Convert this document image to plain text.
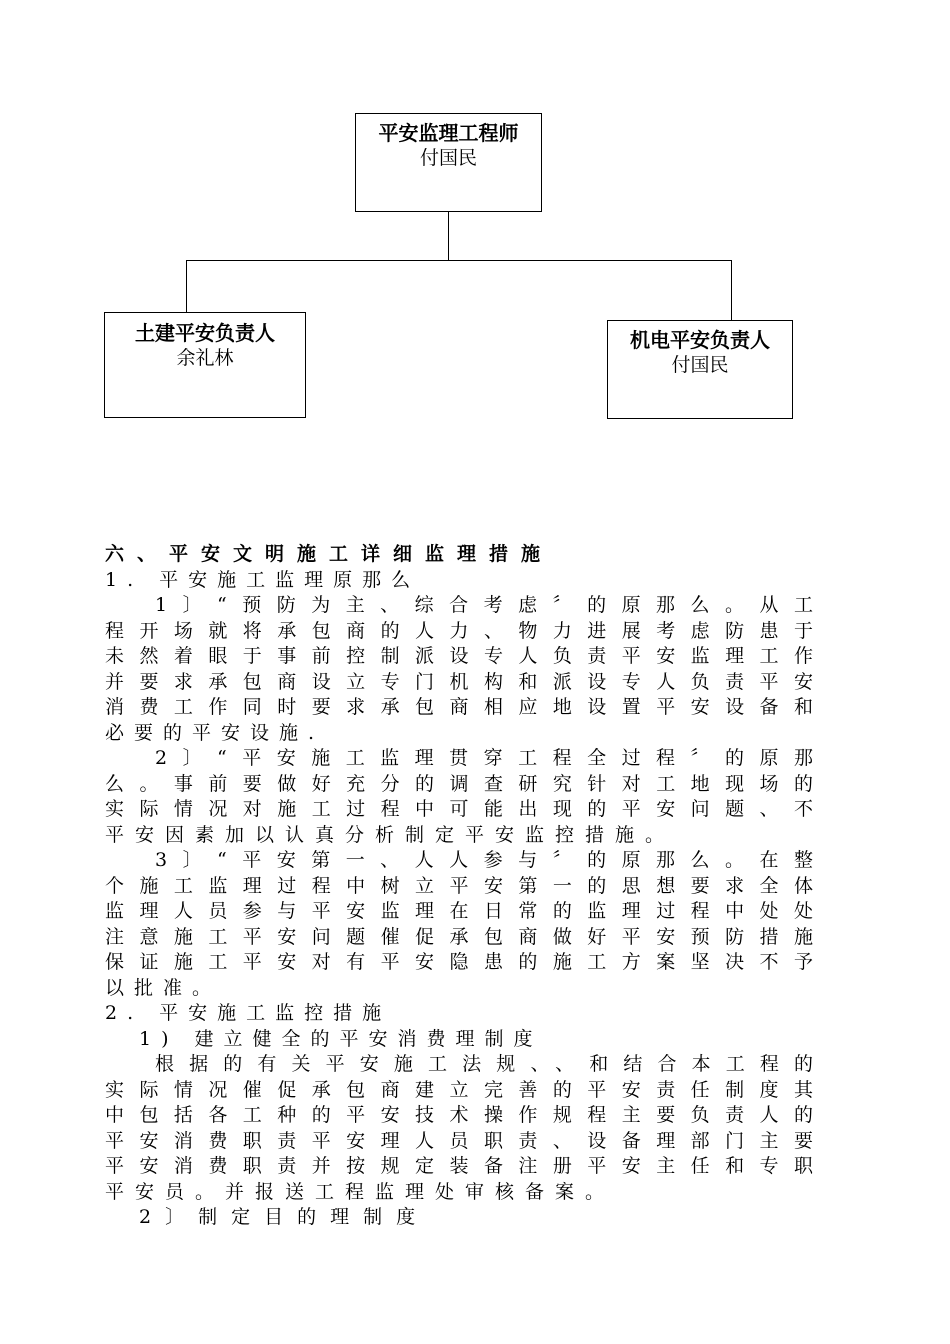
平安监理工程师
付国民
土建平安负责人
余礼林
机电平安负责人
付国民
六、平安文明施工详细监理措施
1. 平安施工监理原那么
1〕“预防为主、综合考虑〞的原那么。从工
程开场就将承包商的人力、物力进展考虑防患于
未然着眼于事前控制派设专人负责平安监理工作
并要求承包商设立专门机构和派设专人负责平安
消费工作同时要求承包商相应地设置平安设备和
必要的平安设施.
2〕“平安施工监理贯穿工程全过程〞的原那
么。事前要做好充分的调查研究针对工地现场的
实际情况对施工过程中可能出现的平安问题、不
平安因素加以认真分析制定平安监控措施。
3〕“平安第一、人人参与〞的原那么。在整
个施工监理过程中树立平安第一的思想要求全体
监理人员参与平安监理在日常的监理过程中处处
注意施工平安问题催促承包商做好平安预防措施
保证施工平安对有平安隐患的施工方案坚决不予
以批准。
2. 平安施工监控措施
1) 建立健全的平安消费理制度
根据的有关平安施工法规、、和结合本工程的
实际情况催促承包商建立完善的平安责任制度其
中包括各工种的平安技术操作规程主要负责人的
平安消费职责平安理人员职责、设备理部门主要
平安消费职责并按规定装备注册平安主任和专职
平安员。并报送工程监理处审核备案。
2〕制定目的理制度
